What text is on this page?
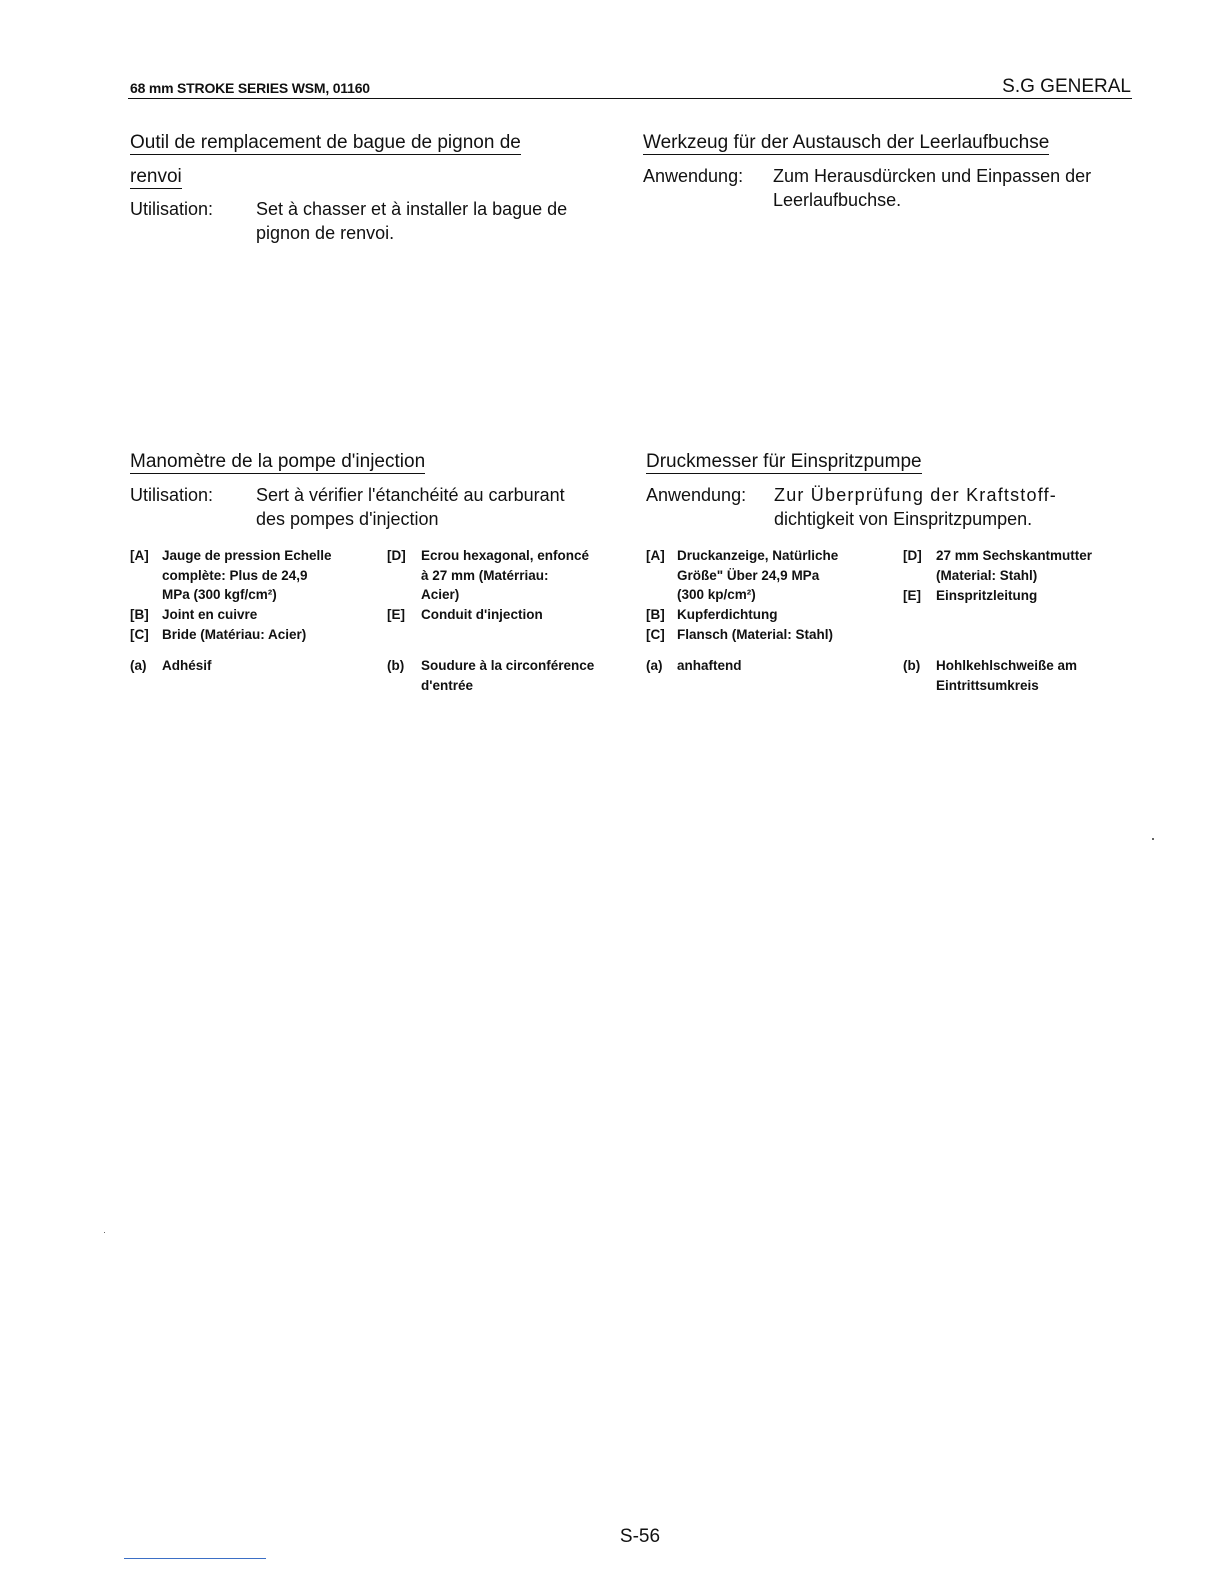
68 mm STROKE SERIES WSM, 01160	S.G GENERAL
Outil de remplacement de bague de pignon de
renvoi
Utilisation: Set à chasser et à installer la bague de
pignon de renvoi.
Werkzeug für der Austausch der Leerlaufbuchse
Anwendung: Zum Herausdürcken und Einpassen der
Leerlaufbuchse.
Manomètre de la pompe d'injection
Utilisation: Sert à vérifier l'étanchéité au carburant
des pompes d'injection
[A] Jauge de pression Echelle
complète: Plus de 24,9
MPa (300 kgf/cm²)
[B] Joint en cuivre
[C] Bride (Matériau: Acier)
[D] Ecrou hexagonal, enfoncé
à 27 mm (Matérriau:
Acier)
[E] Conduit d'injection
(a) Adhésif	(b) Soudure à la circonférence
d'entrée
Druckmesser für Einspritzpumpe
Anwendung: Zur Überprüfung der Kraftstoff-
dichtigkeit von Einspritzpumpen.
[A] Druckanzeige, Natürliche
Größe" Über 24,9 MPa
(300 kp/cm²)
[B] Kupferdichtung
[C] Flansch (Material: Stahl)
[D] 27 mm Sechskantmutter
(Material: Stahl)
[E] Einspritzleitung
(a) anhaftend	(b) Hohlkehlschweiße am
Eintrittsumkreis
S-56
